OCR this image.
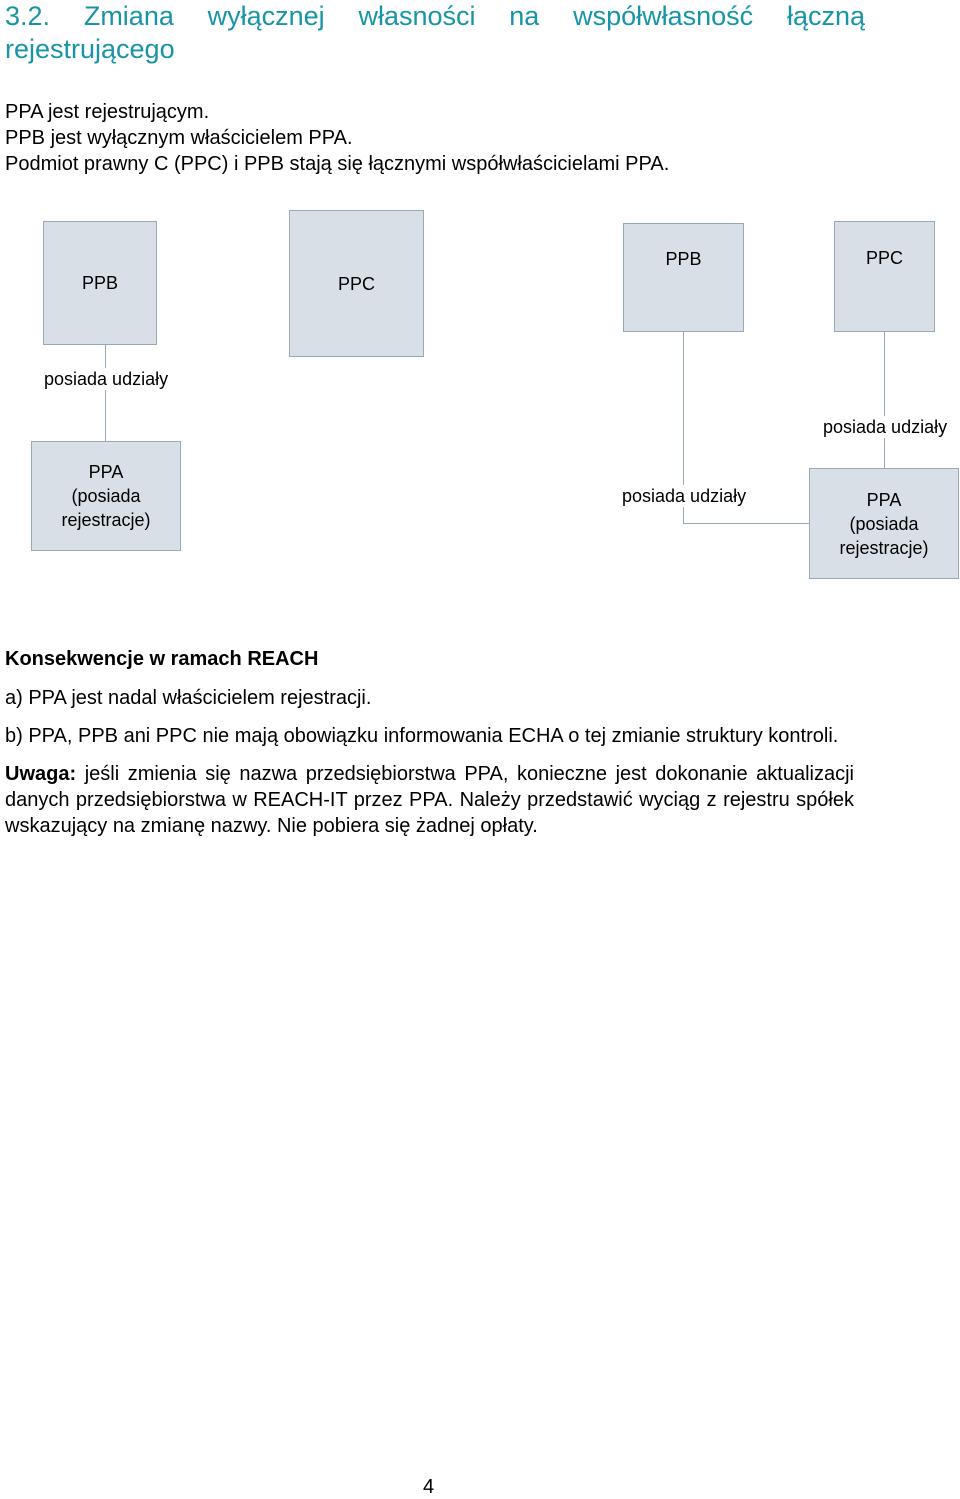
3.2. Zmiana wyłącznej własności na współwłasność łączną rejestrującego
PPA jest rejestrującym.
PPB jest wyłącznym właścicielem PPA.
Podmiot prawny C (PPC) i PPB stają się łącznymi współwłaścicielami PPA.
PPB	PPC
posiada udziały
PPA
(posiada
rejestracje)
PPB	PPC
posiada udziały
posiada udziały	PPA
(posiada
rejestracje)

Konsekwencje w ramach REACH

a) PPA jest nadal właścicielem rejestracji.

b) PPA, PPB ani PPC nie mają obowiązku informowania ECHA o tej zmianie struktury kontroli.

Uwaga: jeśli zmienia się nazwa przedsiębiorstwa PPA, konieczne jest dokonanie aktualizacji danych przedsiębiorstwa w REACH-IT przez PPA. Należy przedstawić wyciąg z rejestru spółek wskazujący na zmianę nazwy. Nie pobiera się żadnej opłaty.

4
